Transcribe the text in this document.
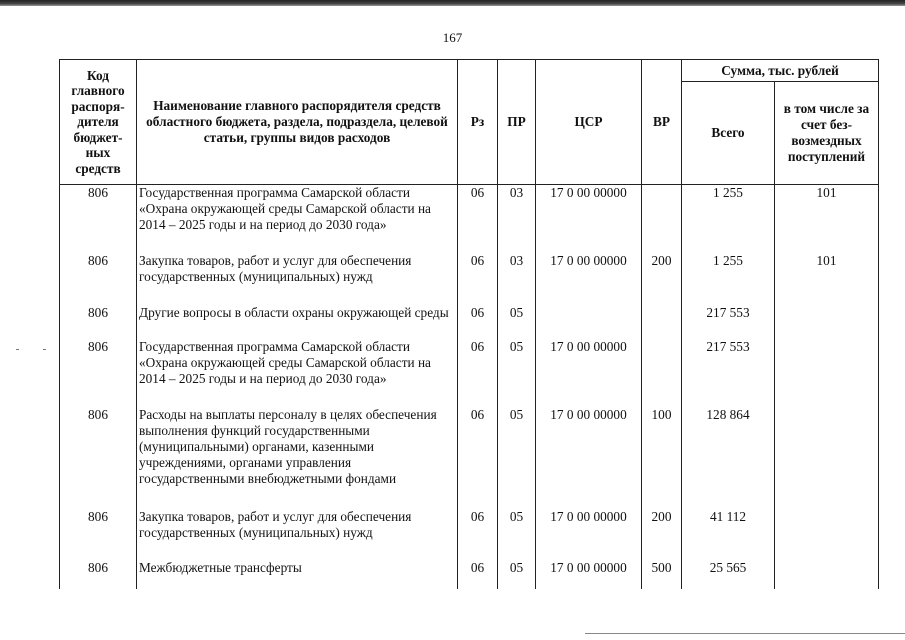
167
Код главного распоря-дителя бюджет-ных средств	Наименование главного распорядителя средств областного бюджета, раздела, подраздела, целевой статьи, группы видов расходов	Рз	ПР	ЦСР	ВР	Сумма, тыс. рублей	
						Всего	в том числе за счет без-возмездных поступлений
806	Государственная программа Самарской области «Охрана окружающей среды Самарской области на 2014 – 2025 годы и на период до 2030 года»	06	03	17 0 00 00000		1 255	101
806	Закупка товаров, работ и услуг для обеспечения государственных (муниципальных) нужд	06	03	17 0 00 00000	200	1 255	101
806	Другие вопросы в области охраны окружающей среды	06	05			217 553	
806	Государственная программа Самарской области «Охрана окружающей среды Самарской области на 2014 – 2025 годы и на период до 2030 года»	06	05	17 0 00 00000		217 553	
806	Расходы на выплаты персоналу в целях обеспечения выполнения функций государственными (муниципальными) органами, казенными учреждениями, органами управления государственными внебюджетными фондами	06	05	17 0 00 00000	100	128 864	
806	Закупка товаров, работ и услуг для обеспечения государственных (муниципальных) нужд	06	05	17 0 00 00000	200	41 112	
806	Межбюджетные трансферты	06	05	17 0 00 00000	500	25 565	
